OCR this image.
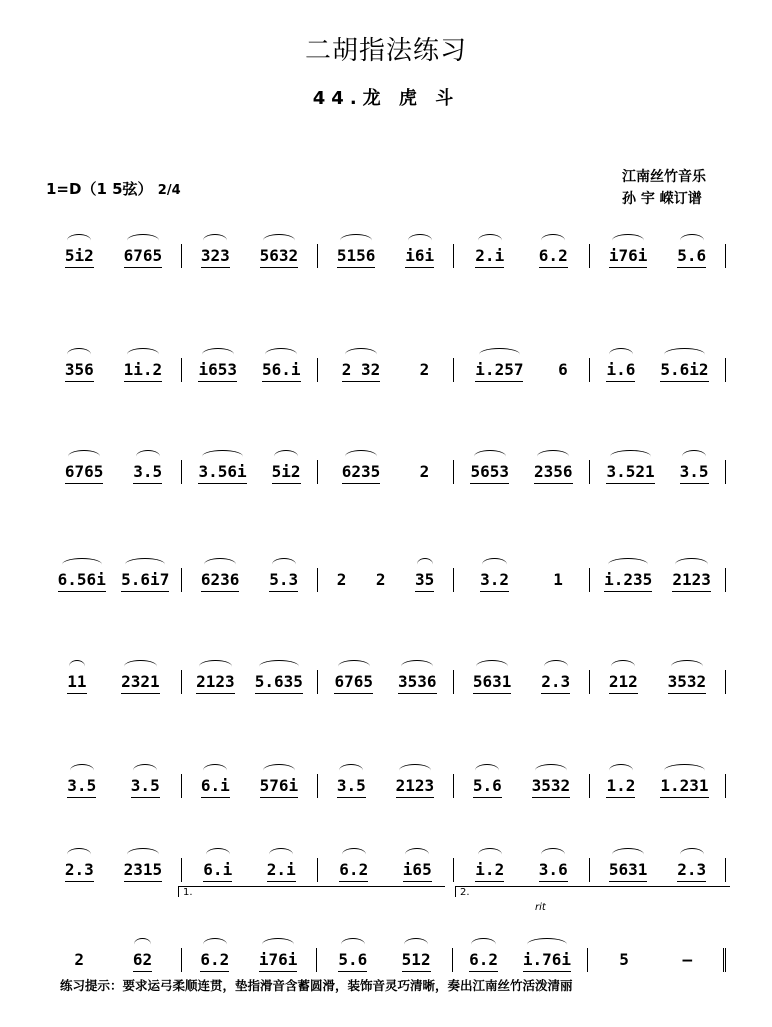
二胡指法练习
44.龙 虎 斗
1=D（1 5弦） 2/4
江南丝竹音乐
孙 宇 嵘订谱
5i2 6765 323 5632 5156 i6i	2.i 6.2	i76i 5.6
356 1i.2 i653 56.i	2 32 2	i.257 6 i.6 5.6i2
6765 3.5 3.56i 5i2	6235 2	5653 2356 3.521 3.5
6.56i 5.6i7 6236 5.3 2 2 35	3.2	1	i.235 2123
11 2321 2123 5.635 6765 3536 5631 2.3 212 3532
3.5 3.5	6.i 576i 3.5 2123 5.6 3532 1.2 1.231
2.3 2315	6.i 2.i	6.2 i65	i.2 3.6	5631 2.3
2	62	6.2 i76i	5.6 512 6.2 i.76i	5	–
1.	2.
rit
练习提示：要求运弓柔顺连贯，垫指滑音含蓄圆滑，装饰音灵巧清晰，奏出江南丝竹活泼清丽
